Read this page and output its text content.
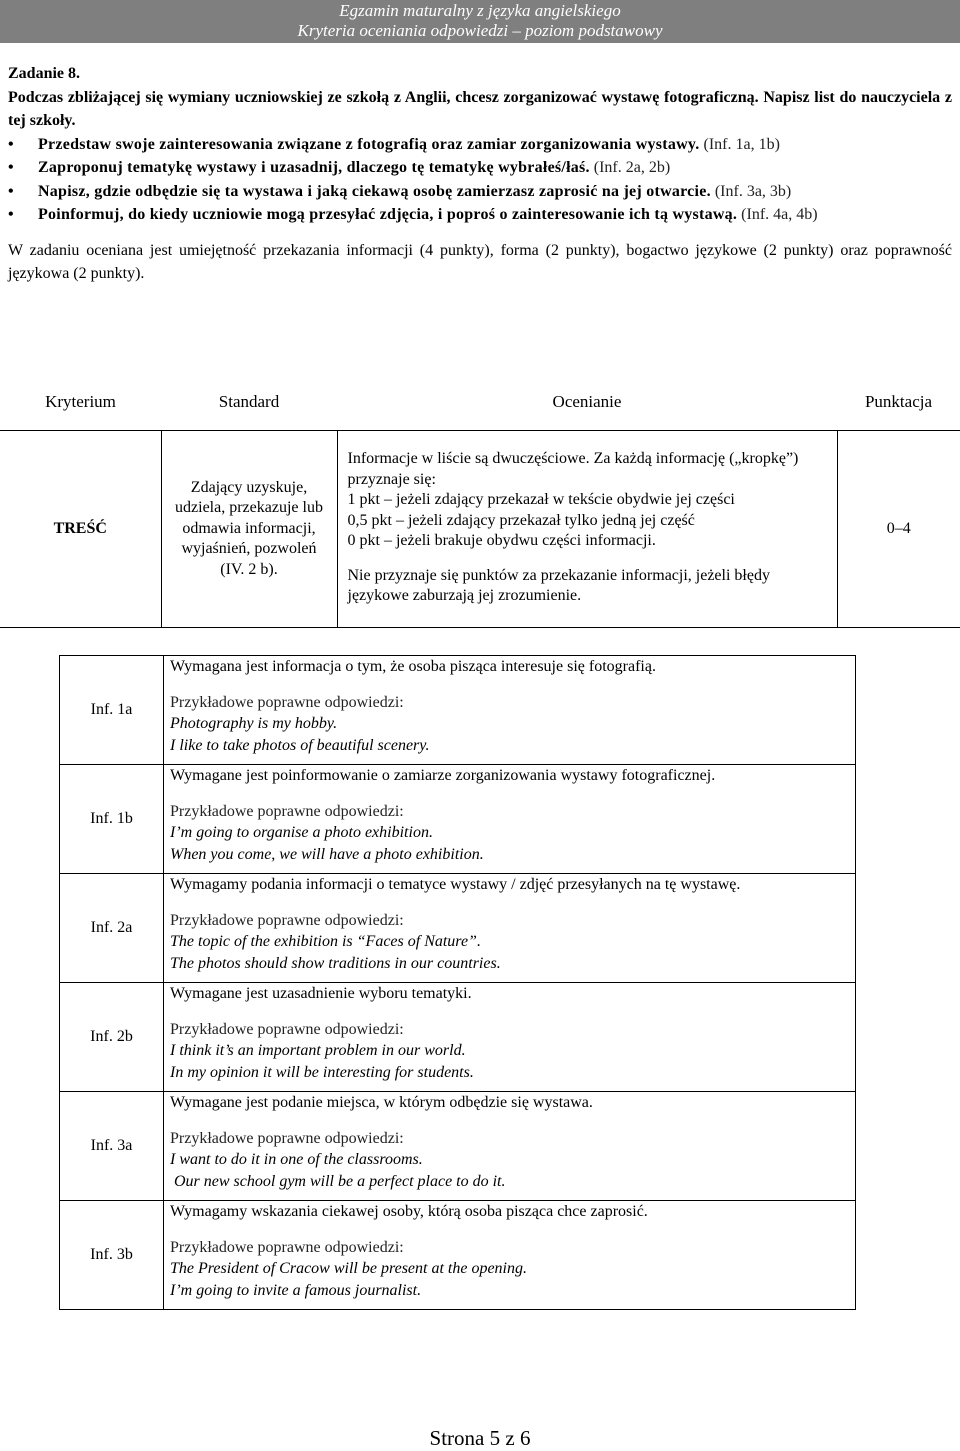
Egzamin maturalny z języka angielskiego
Kryteria oceniania odpowiedzi – poziom podstawowy
Zadanie 8.
Podczas zbliżającej się wymiany uczniowskiej ze szkołą z Anglii, chcesz zorganizować wystawę fotograficzną. Napisz list do nauczyciela z tej szkoły.
• Przedstaw swoje zainteresowania związane z fotografią oraz zamiar zorganizowania wystawy. (Inf. 1a, 1b)
• Zaproponuj tematykę wystawy i uzasadnij, dlaczego tę tematykę wybrałeś/łaś. (Inf. 2a, 2b)
• Napisz, gdzie odbędzie się ta wystawa i jaką ciekawą osobę zamierzasz zaprosić na jej otwarcie. (Inf. 3a, 3b)
• Poinformuj, do kiedy uczniowie mogą przesyłać zdjęcia, i poproś o zainteresowanie ich tą wystawą. (Inf. 4a, 4b)
W zadaniu oceniana jest umiejętność przekazania informacji (4 punkty), forma (2 punkty), bogactwo językowe (2 punkty) oraz poprawność językowa (2 punkty).
Kryterium	Standard	Ocenianie	Punktacja
TREŚĆ	Zdający uzyskuje, udziela, przekazuje lub odmawia informacji, wyjaśnień, pozwoleń (IV. 2 b).	Informacje w liście są dwuczęściowe. Za każdą informację („kropkę”) przyznaje się:

1 pkt – jeżeli zdający przekazał w tekście obydwie jej części

0,5 pkt – jeżeli zdający przekazał tylko jedną jej część

0 pkt – jeżeli brakuje obydwu części informacji.

Nie przyznaje się punktów za przekazanie informacji, jeżeli błędy językowe zaburzają jej zrozumienie.	0–4
Inf. 1a	Wymagana jest informacja o tym, że osoba pisząca interesuje się fotografią.
Przykładowe poprawne odpowiedzi:
Photography is my hobby.
I like to take photos of beautiful scenery.

Inf. 1b	Wymagane jest poinformowanie o zamiarze zorganizowania wystawy fotograficznej.
Przykładowe poprawne odpowiedzi:
I’m going to organise a photo exhibition.
When you come, we will have a photo exhibition.

Inf. 2a	Wymagamy podania informacji o tematyce wystawy / zdjęć przesyłanych na tę wystawę.
Przykładowe poprawne odpowiedzi:
The topic of the exhibition is “Faces of Nature”.
The photos should show traditions in our countries.

Inf. 2b	Wymagane jest uzasadnienie wyboru tematyki.
Przykładowe poprawne odpowiedzi:
I think it’s an important problem in our world.
In my opinion it will be interesting for students.

Inf. 3a	Wymagane jest podanie miejsca, w którym odbędzie się wystawa.
Przykładowe poprawne odpowiedzi:
I want to do it in one of the classrooms.
Our new school gym will be a perfect place to do it.

Inf. 3b	Wymagamy wskazania ciekawej osoby, którą osoba pisząca chce zaprosić.
Przykładowe poprawne odpowiedzi:
The President of Cracow will be present at the opening.
I’m going to invite a famous journalist.
Strona 5 z 6
